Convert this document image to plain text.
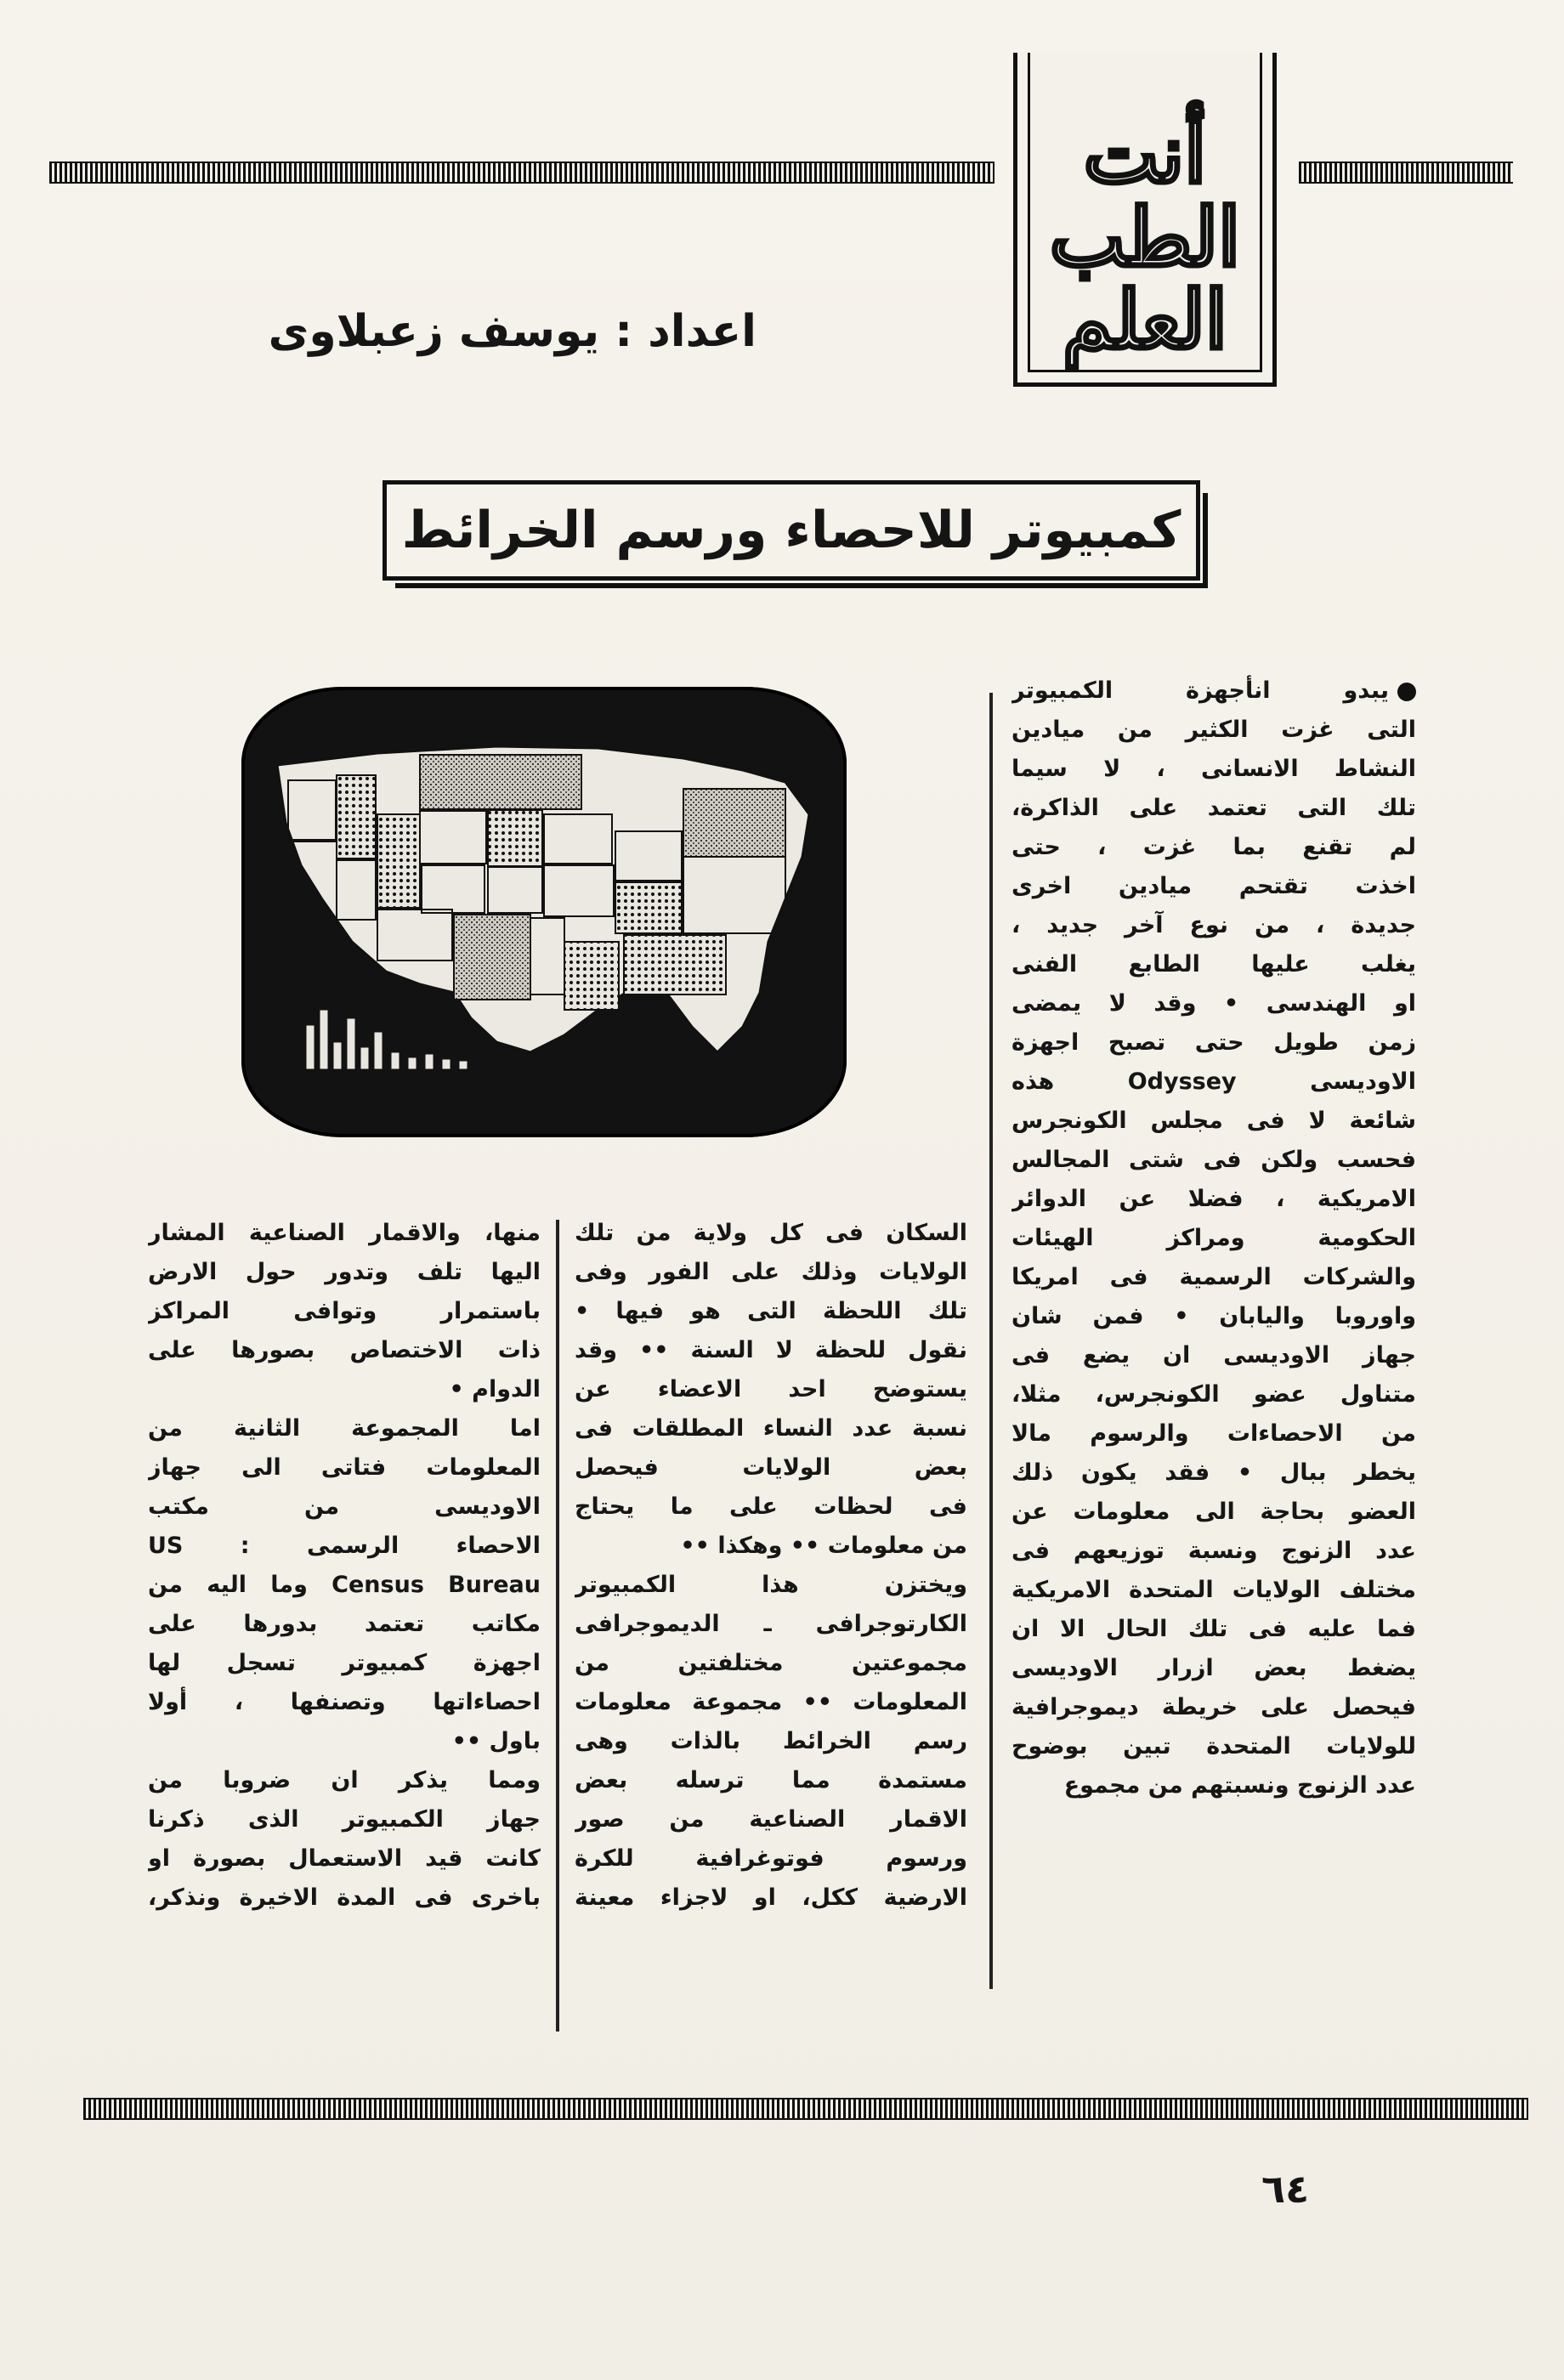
أنت
الطب
العلم
اعداد : يوسف زعبلاوى
كمبيوتر للاحصاء ورسم الخرائط
يبدو انأجهزة الكمبيوتر
التى غزت الكثير من ميادين
النشاط الانسانى ، لا سيما
تلك التى تعتمد على الذاكرة،
لم تقنع بما غزت ، حتى
اخذت تقتحم ميادين اخرى
جديدة ، من نوع آخر جديد ،
يغلب عليها الطابع الفنى
او الهندسى • وقد لا يمضى
زمن طويل حتى تصبح اجهزة
الاوديسى Odyssey هذه
شائعة لا فى مجلس الكونجرس
فحسب ولكن فى شتى المجالس
الامريكية ، فضلا عن الدوائر
الحكومية ومراكز الهيئات
والشركات الرسمية فى امريكا
واوروبا واليابان • فمن شان
جهاز الاوديسى ان يضع فى
متناول عضو الكونجرس، مثلا،
من الاحصاءات والرسوم مالا
يخطر ببال • فقد يكون ذلك
العضو بحاجة الى معلومات عن
عدد الزنوج ونسبة توزيعهم فى
مختلف الولايات المتحدة الامريكية
فما عليه فى تلك الحال الا ان
يضغط بعض ازرار الاوديسى
فيحصل على خريطة ديموجرافية
للولايات المتحدة تبين بوضوح
عدد الزنوج ونسبتهم من مجموع
السكان فى كل ولاية من تلك
الولايات وذلك على الفور وفى
تلك اللحظة التى هو فيها •
نقول للحظة لا السنة •• وقد
يستوضح احد الاعضاء عن
نسبة عدد النساء المطلقات فى
بعض الولايات فيحصل
فى لحظات على ما يحتاج
من معلومات •• وهكذا ••
ويختزن هذا الكمبيوتر
الكارتوجرافى ـ الديموجرافى
مجموعتين مختلفتين من
المعلومات •• مجموعة معلومات
رسم الخرائط بالذات وهى
مستمدة مما ترسله بعض
الاقمار الصناعية من صور
ورسوم فوتوغرافية للكرة
الارضية ككل، او لاجزاء معينة
منها، والاقمار الصناعية المشار
اليها تلف وتدور حول الارض
باستمرار وتوافى المراكز
ذات الاختصاص بصورها على
الدوام •
اما المجموعة الثانية من
المعلومات فتاتى الى جهاز
الاودیسی من مكتب
الاحصاء الرسمى : US
Census Bureau وما اليه من
مكاتب تعتمد بدورها على
اجهزة كمبيوتر تسجل لها
احصاءاتها وتصنفها ، أولا
باول ••
ومما يذكر ان ضروبا من
جهاز الكمبيوتر الذى ذكرنا
كانت قيد الاستعمال بصورة او
باخرى فى المدة الاخيرة ونذكر،
٦٤
